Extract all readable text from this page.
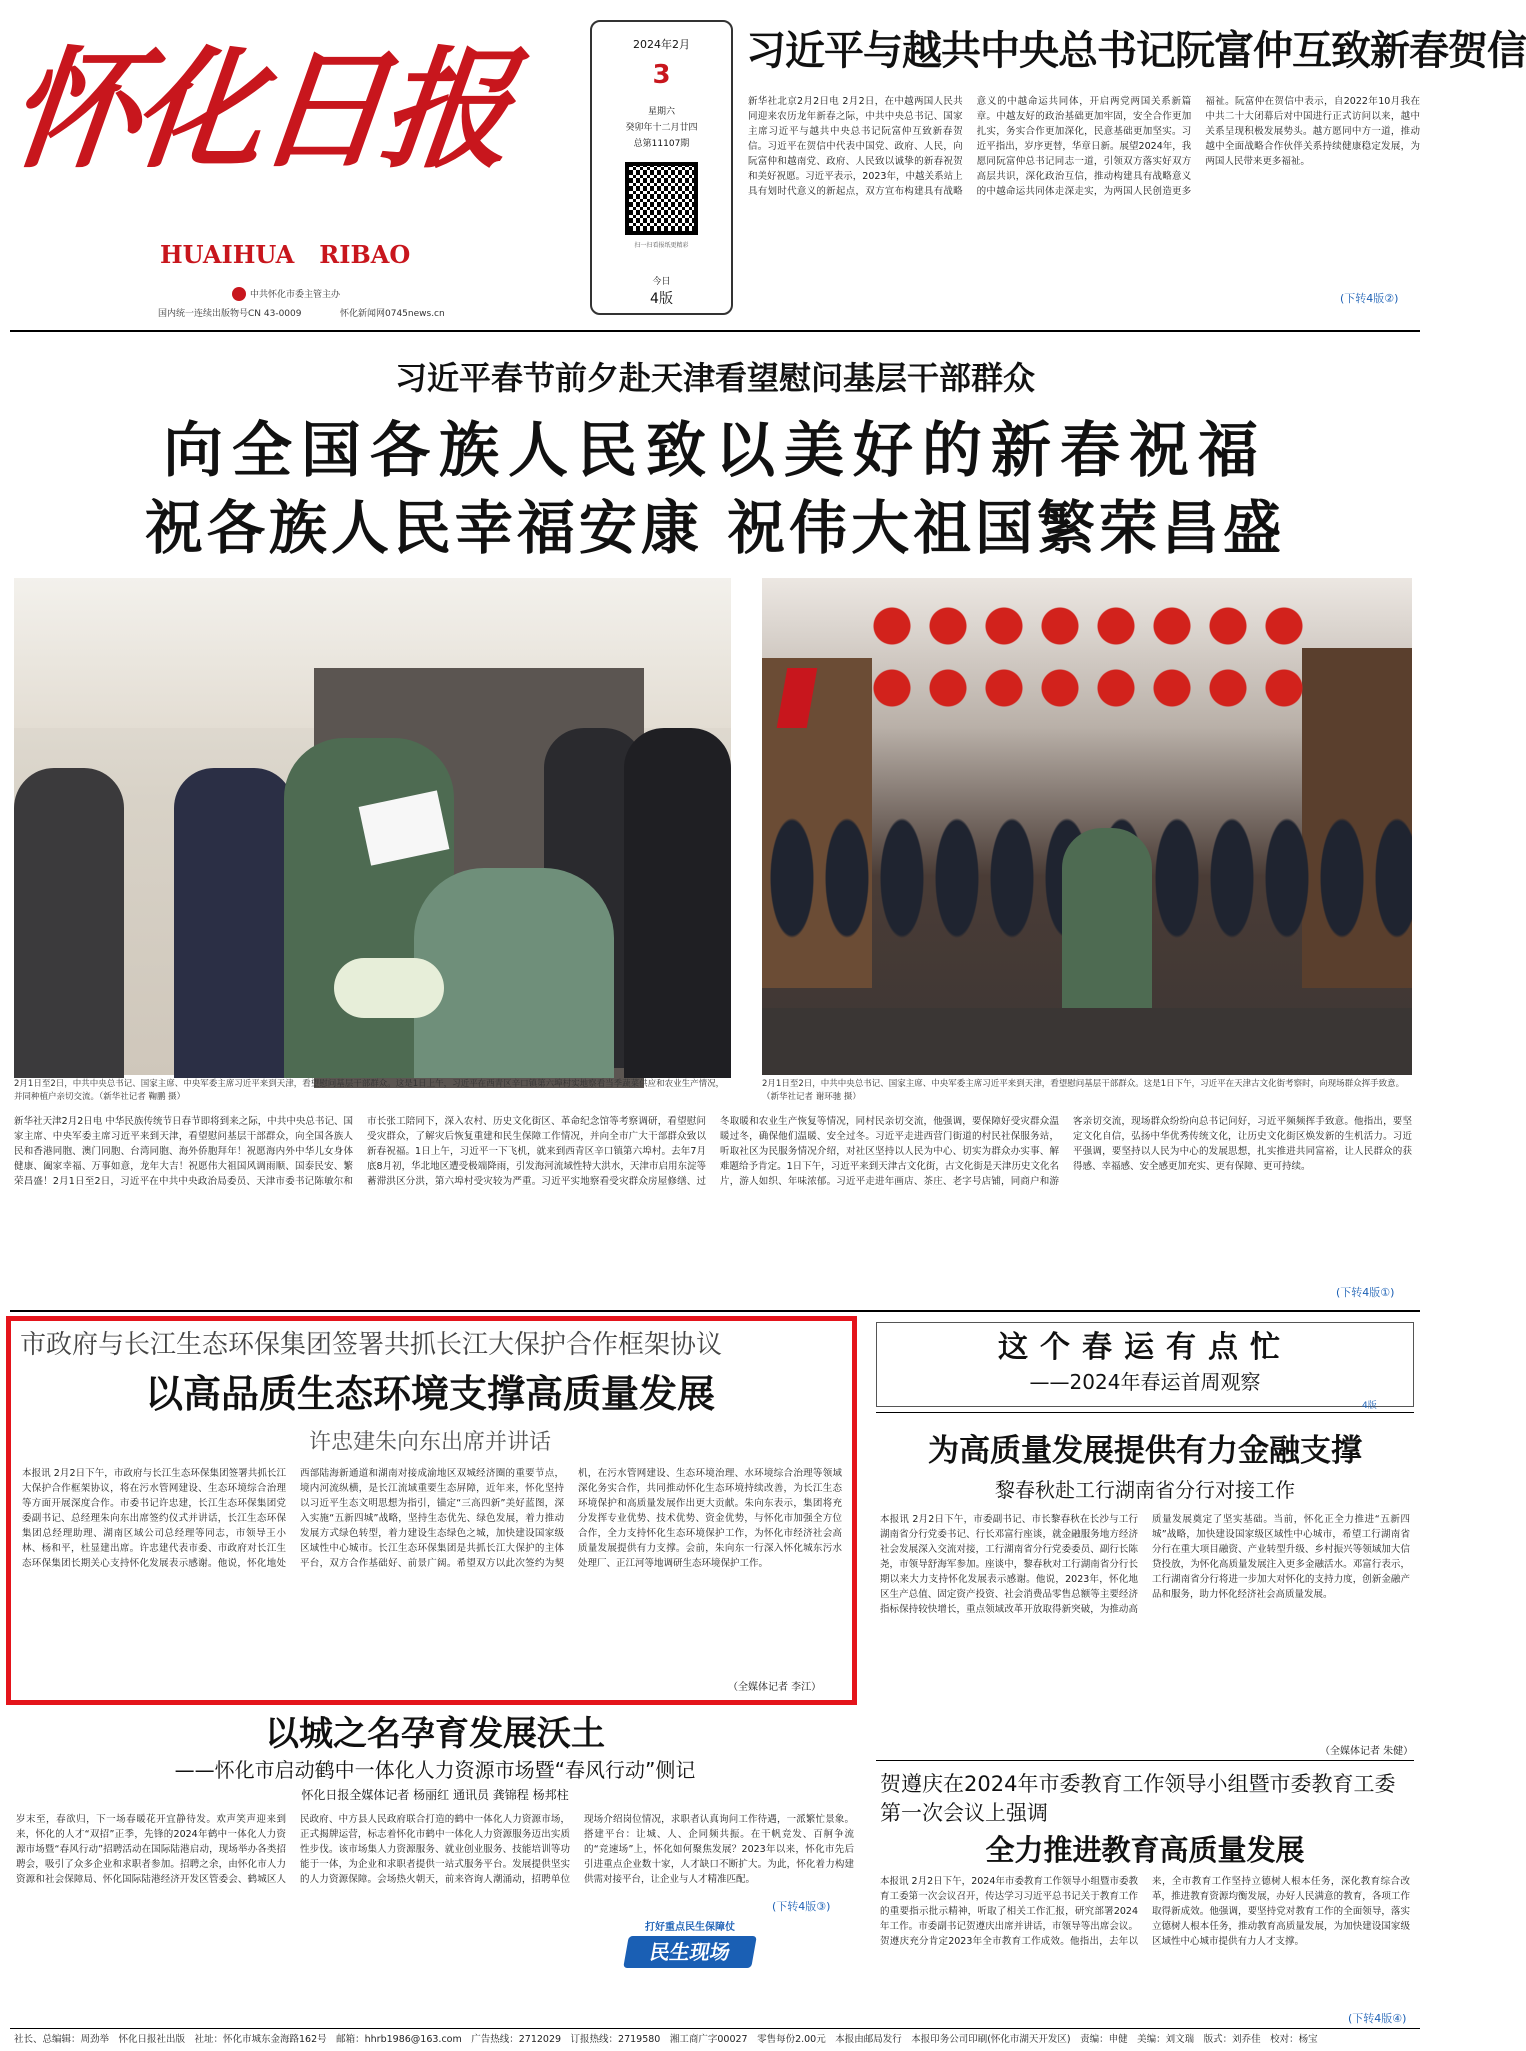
怀化日报
HUAIHUA   RIBAO
中共怀化市委主管主办
国内统一连续出版物号CN 43-0009	怀化新闻网0745news.cn
2024年2月
3
星期六
癸卯年十二月廿四
总第11107期
扫一扫看报纸更精彩
今日
4版
习近平与越共中央总书记阮富仲互致新春贺信
新华社北京2月2日电 2月2日，在中越两国人民共同迎来农历龙年新春之际，中共中央总书记、国家主席习近平与越共中央总书记阮富仲互致新春贺信。习近平在贺信中代表中国党、政府、人民，向阮富仲和越南党、政府、人民致以诚挚的新春祝贺和美好祝愿。习近平表示，2023年，中越关系站上具有划时代意义的新起点，双方宣布构建具有战略意义的中越命运共同体，开启两党两国关系新篇章。中越友好的政治基础更加牢固，安全合作更加扎实，务实合作更加深化，民意基础更加坚实。习近平指出，岁序更替，华章日新。展望2024年，我愿同阮富仲总书记同志一道，引领双方落实好双方高层共识，深化政治互信，推动构建具有战略意义的中越命运共同体走深走实，为两国人民创造更多福祉。阮富仲在贺信中表示，自2022年10月我在中共二十大闭幕后对中国进行正式访问以来，越中关系呈现积极发展势头。越方愿同中方一道，推动越中全面战略合作伙伴关系持续健康稳定发展，为两国人民带来更多福祉。
(下转4版②)
习近平春节前夕赴天津看望慰问基层干部群众
向全国各族人民致以美好的新春祝福
祝各族人民幸福安康 祝伟大祖国繁荣昌盛
2月1日至2日，中共中央总书记、国家主席、中央军委主席习近平来到天津，看望慰问基层干部群众。这是1日上午，习近平在西青区辛口镇第六埠村实地察看当季蔬菜供应和农业生产情况，并同种植户亲切交流。（新华社记者 鞠鹏 摄）
2月1日至2日，中共中央总书记、国家主席、中央军委主席习近平来到天津，看望慰问基层干部群众。这是1日下午，习近平在天津古文化街考察时，向现场群众挥手致意。（新华社记者 谢环驰 摄）
新华社天津2月2日电 中华民族传统节日春节即将到来之际，中共中央总书记、国家主席、中央军委主席习近平来到天津，看望慰问基层干部群众，向全国各族人民和香港同胞、澳门同胞、台湾同胞、海外侨胞拜年！祝愿海内外中华儿女身体健康、阖家幸福、万事如意，龙年大吉！祝愿伟大祖国风调雨顺、国泰民安、繁荣昌盛！2月1日至2日，习近平在中共中央政治局委员、天津市委书记陈敏尔和市长张工陪同下，深入农村、历史文化街区、革命纪念馆等考察调研，看望慰问受灾群众，了解灾后恢复重建和民生保障工作情况，并向全市广大干部群众致以新春祝福。1日上午，习近平一下飞机，就来到西青区辛口镇第六埠村。去年7月底8月初，华北地区遭受极端降雨，引发海河流域性特大洪水，天津市启用东淀等蓄滞洪区分洪，第六埠村受灾较为严重。习近平实地察看受灾群众房屋修缮、过冬取暖和农业生产恢复等情况，同村民亲切交流，他强调，要保障好受灾群众温暖过冬，确保他们温暖、安全过冬。习近平走进西营门街道的村民社保服务站，听取社区为民服务情况介绍，对社区坚持以人民为中心、切实为群众办实事、解难题给予肯定。1日下午，习近平来到天津古文化街，古文化街是天津历史文化名片，游人如织、年味浓郁。习近平走进年画店、茶庄、老字号店铺，同商户和游客亲切交流，现场群众纷纷向总书记问好，习近平频频挥手致意。他指出，要坚定文化自信，弘扬中华优秀传统文化，让历史文化街区焕发新的生机活力。习近平强调，要坚持以人民为中心的发展思想，扎实推进共同富裕，让人民群众的获得感、幸福感、安全感更加充实、更有保障、更可持续。
(下转4版①)
市政府与长江生态环保集团签署共抓长江大保护合作框架协议
以高品质生态环境支撑高质量发展
许忠建朱向东出席并讲话
本报讯 2月2日下午，市政府与长江生态环保集团签署共抓长江大保护合作框架协议，将在污水管网建设、生态环境综合治理等方面开展深度合作。市委书记许忠建，长江生态环保集团党委副书记、总经理朱向东出席签约仪式并讲话，长江生态环保集团总经理助理、湖南区域公司总经理等同志，市领导王小林、杨和平，杜显建出席。许忠建代表市委、市政府对长江生态环保集团长期关心支持怀化发展表示感谢。他说，怀化地处西部陆海新通道和湖南对接成渝地区双城经济圈的重要节点，境内河流纵横，是长江流域重要生态屏障，近年来，怀化坚持以习近平生态文明思想为指引，锚定“三高四新”美好蓝图，深入实施“五新四城”战略，坚持生态优先、绿色发展，着力推动发展方式绿色转型，着力建设生态绿色之城，加快建设国家级区域性中心城市。长江生态环保集团是共抓长江大保护的主体平台，双方合作基础好、前景广阔。希望双方以此次签约为契机，在污水管网建设、生态环境治理、水环境综合治理等领域深化务实合作，共同推动怀化生态环境持续改善，为长江生态环境保护和高质量发展作出更大贡献。朱向东表示，集团将充分发挥专业优势、技术优势、资金优势，与怀化市加强全方位合作，全力支持怀化生态环境保护工作，为怀化市经济社会高质量发展提供有力支撑。会前，朱向东一行深入怀化城东污水处理厂、正江河等地调研生态环境保护工作。
（全媒体记者 李江）
这个春运有点忙
——2024年春运首周观察
4版
为高质量发展提供有力金融支撑
黎春秋赴工行湖南省分行对接工作
本报讯 2月2日下午，市委副书记、市长黎春秋在长沙与工行湖南省分行党委书记、行长邓富行座谈，就金融服务地方经济社会发展深入交流对接，工行湖南省分行党委委员、副行长陈尧，市领导舒海军参加。座谈中，黎春秋对工行湖南省分行长期以来大力支持怀化发展表示感谢。他说，2023年，怀化地区生产总值、固定资产投资、社会消费品零售总额等主要经济指标保持较快增长，重点领域改革开放取得新突破，为推动高质量发展奠定了坚实基础。当前，怀化正全力推进“五新四城”战略，加快建设国家级区域性中心城市，希望工行湖南省分行在重大项目融资、产业转型升级、乡村振兴等领域加大信贷投放，为怀化高质量发展注入更多金融活水。邓富行表示，工行湖南省分行将进一步加大对怀化的支持力度，创新金融产品和服务，助力怀化经济社会高质量发展。
（全媒体记者 朱健）
贺遵庆在2024年市委教育工作领导小组暨市委教育工委第一次会议上强调
全力推进教育高质量发展
本报讯 2月2日下午，2024年市委教育工作领导小组暨市委教育工委第一次会议召开，传达学习习近平总书记关于教育工作的重要指示批示精神，听取了相关工作汇报，研究部署2024年工作。市委副书记贺遵庆出席并讲话，市领导等出席会议。贺遵庆充分肯定2023年全市教育工作成效。他指出，去年以来，全市教育工作坚持立德树人根本任务，深化教育综合改革，推进教育资源均衡发展，办好人民满意的教育，各项工作取得新成效。他强调，要坚持党对教育工作的全面领导，落实立德树人根本任务，推动教育高质量发展，为加快建设国家级区域性中心城市提供有力人才支撑。
(下转4版④)
以城之名孕育发展沃土
——怀化市启动鹤中一体化人力资源市场暨“春风行动”侧记
怀化日报全媒体记者 杨丽红 通讯员 龚锦程 杨邦柱
岁末至，春欲归，下一场春暖花开宜静待发。欢声笑声迎来到来，怀化的人才“双招”正季，先锋的2024年鹤中一体化人力资源市场暨“春风行动”招聘活动在国际陆港启动，现场举办各类招聘会，吸引了众多企业和求职者参加。招聘之余，由怀化市人力资源和社会保障局、怀化国际陆港经济开发区管委会、鹤城区人民政府、中方县人民政府联合打造的鹤中一体化人力资源市场，正式揭牌运营，标志着怀化市鹤中一体化人力资源服务迈出实质性步伐。该市场集人力资源服务、就业创业服务、技能培训等功能于一体，为企业和求职者提供一站式服务平台。发展提供坚实的人力资源保障。会场热火朝天，前来咨询人潮涌动，招聘单位现场介绍岗位情况，求职者认真询问工作待遇，一派繁忙景象。搭建平台：让城、人、企同频共振。在干帆竞发、百舸争流的“竞速场”上，怀化如何聚焦发展？2023年以来，怀化市先后引进重点企业数十家，人才缺口不断扩大。为此，怀化着力构建供需对接平台，让企业与人才精准匹配。
(下转4版③)
打好重点民生保障仗
民生现场
社长、总编辑：周劲举　怀化日报社出版　社址：怀化市城东金海路162号　邮箱：hhrb1986@163.com　广告热线：2712029　订报热线：2719580　湘工商广字00027　零售每份2.00元　本报由邮局发行　本报印务公司印刷(怀化市湖天开发区)　责编：申健　美编：刘文瑞　版式：刘乔佳　校对：杨宝
